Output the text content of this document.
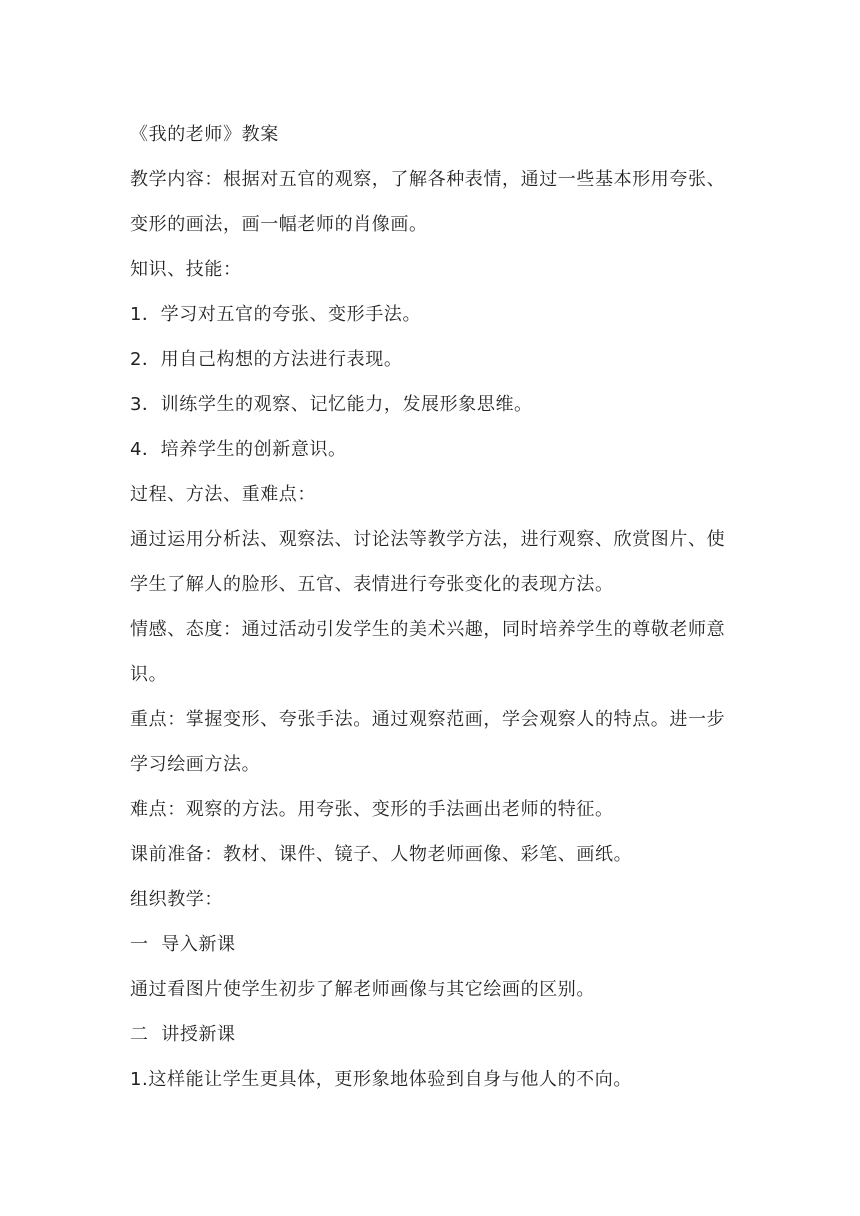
《我的老师》教案

教学内容：根据对五官的观察，了解各种表情，通过一些基本形用夸张、变形的画法，画一幅老师的肖像画。

知识、技能：

1．学习对五官的夸张、变形手法。

2．用自己构想的方法进行表现。

3．训练学生的观察、记忆能力，发展形象思维。

4．培养学生的创新意识。

过程、方法、重难点：

通过运用分析法、观察法、讨论法等教学方法，进行观察、欣赏图片、使学生了解人的脸形、五官、表情进行夸张变化的表现方法。

情感、态度：通过活动引发学生的美术兴趣，同时培养学生的尊敬老师意识。

重点：掌握变形、夸张手法。通过观察范画，学会观察人的特点。进一步学习绘画方法。

难点：观察的方法。用夸张、变形的手法画出老师的特征。

课前准备：教材、课件、镜子、人物老师画像、彩笔、画纸。

组织教学：

一  导入新课

通过看图片使学生初步了解老师画像与其它绘画的区别。

二  讲授新课

1.这样能让学生更具体，更形象地体验到自身与他人的不向。
